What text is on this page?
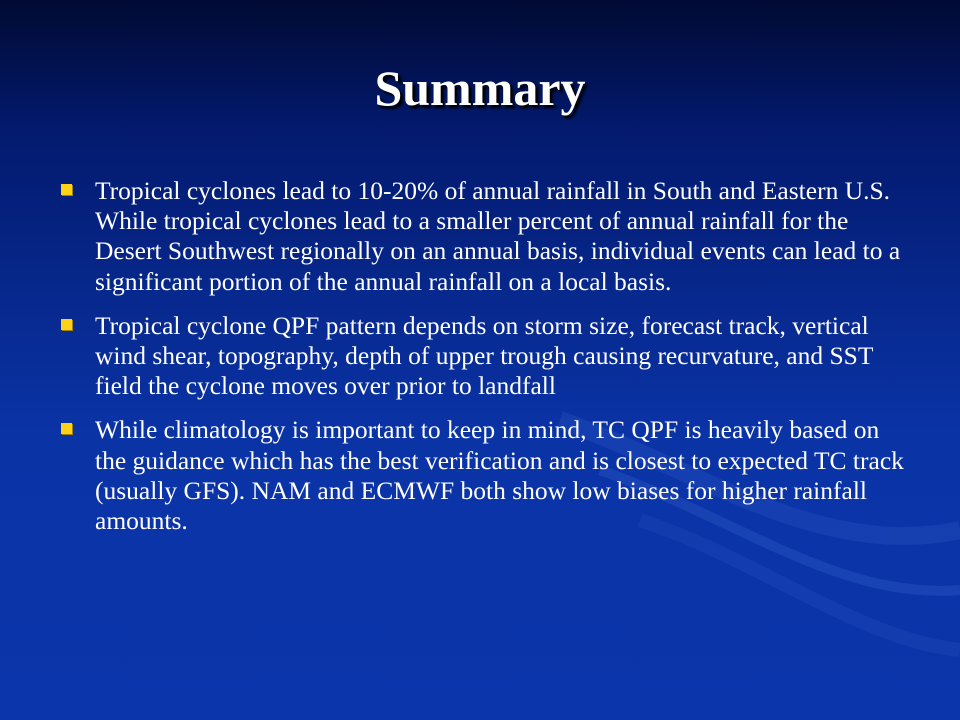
Summary
Tropical cyclones lead to 10-20% of annual rainfall in South and Eastern U.S. While tropical cyclones lead to a smaller percent of annual rainfall for the Desert Southwest regionally on an annual basis, individual events can lead to a significant portion of the annual rainfall on a local basis.
Tropical cyclone QPF pattern depends on storm size, forecast track, vertical wind shear, topography, depth of upper trough causing recurvature, and SST field the cyclone moves over prior to landfall
While climatology is important to keep in mind, TC QPF is heavily based on the guidance which has the best verification and is closest to expected TC track (usually GFS). NAM and ECMWF both show low biases for higher rainfall amounts.
